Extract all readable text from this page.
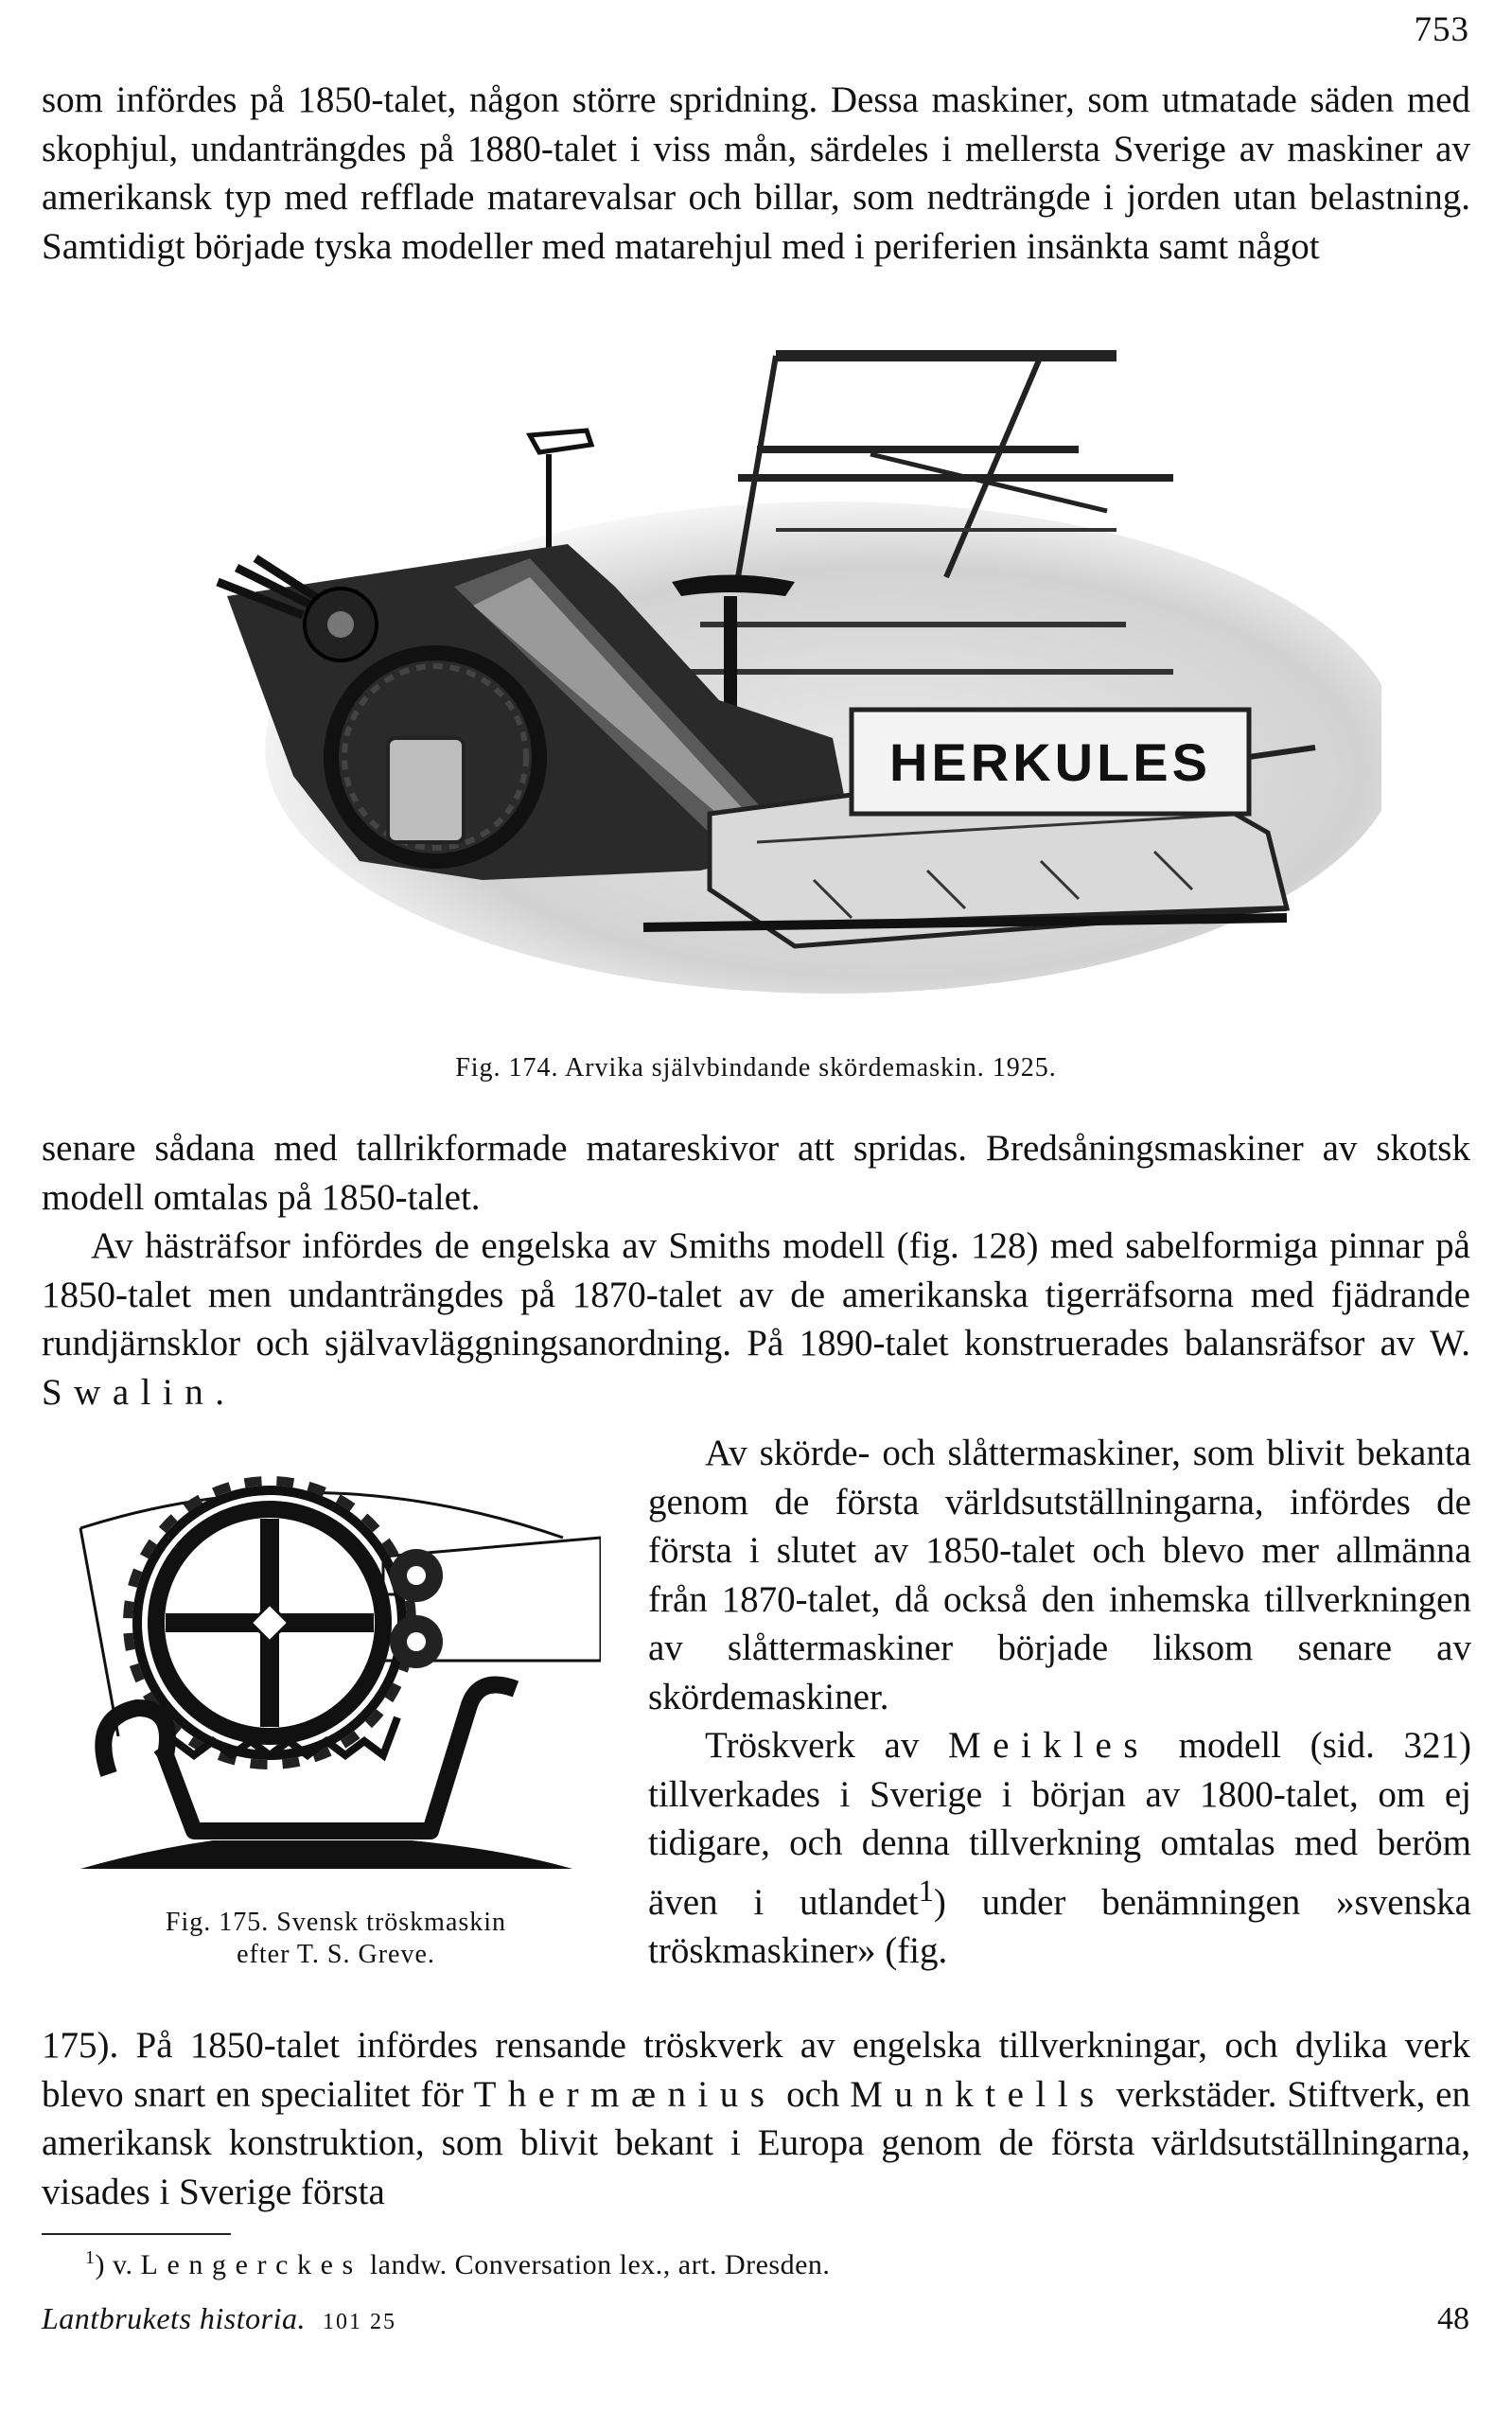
753

som infördes på 1850-talet, någon större spridning. Dessa maskiner, som utmatade säden med skophjul, undanträngdes på 1880-talet i viss mån, särdeles i mellersta Sverige av maskiner av amerikansk typ med refflade matarevalsar och billar, som nedträngde i jorden utan belastning. Samtidigt började tyska modeller med matarehjul med i periferien insänkta samt något

HERKULES
Fig. 174. Arvika självbindande skördemaskin. 1925.

senare sådana med tallrikformade matareskivor att spridas. Bredsåningsmaskiner av skotsk modell omtalas på 1850-talet.

Av hästräfsor infördes de engelska av Smiths modell (fig. 128) med sabelformiga pinnar på 1850-talet men undanträngdes på 1870-talet av de amerikanska tigerräfsorna med fjädrande rundjärnsklor och självavläggningsanordning. På 1890-talet konstruerades balansräfsor av W. Swalin.

Fig. 175. Svensk tröskmaskin
efter T. S. Greve.

Av skörde- och slåttermaskiner, som blivit bekanta genom de första världsutställningarna, infördes de första i slutet av 1850-talet och blevo mer allmänna från 1870-talet, då också den inhemska tillverkningen av slåttermaskiner började liksom senare av skördemaskiner.

Tröskverk av Meikles modell (sid. 321) tillverkades i Sverige i början av 1800-talet, om ej tidigare, och denna tillverkning omtalas med beröm även i utlandet$^1$) under benämningen »svenska tröskmaskiner» (fig.

175). På 1850-talet infördes rensande tröskverk av engelska tillverkningar, och dylika verk blevo snart en specialitet för Thermænius och Munktells verkstäder. Stiftverk, en amerikansk konstruktion, som blivit bekant i Europa genom de första världsutställningarna, visades i Sverige första

$^1$) v. Lengerckes landw. Conversation lex., art. Dresden.
Lantbrukets historia. 101 25	48
